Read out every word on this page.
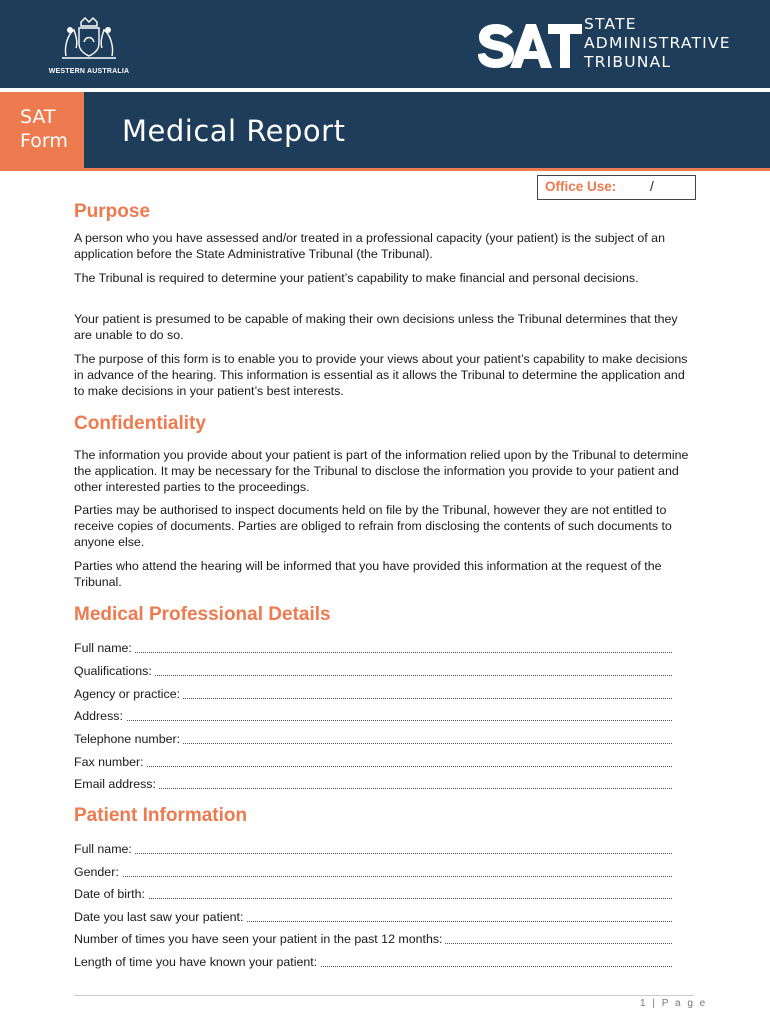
WESTERN AUSTRALIA
STATE
ADMINISTRATIVE
TRIBUNAL
SAT
Form	Medical Report
Office Use: /
Purpose

A person who you have assessed and/or treated in a professional capacity (your patient) is the subject of an application before the State Administrative Tribunal (the Tribunal).

The Tribunal is required to determine your patient’s capability to make financial and personal decisions.

Your patient is presumed to be capable of making their own decisions unless the Tribunal determines that they are unable to do so.

The purpose of this form is to enable you to provide your views about your patient’s capability to make decisions in advance of the hearing. This information is essential as it allows the Tribunal to determine the application and to make decisions in your patient’s best interests.

Confidentiality

The information you provide about your patient is part of the information relied upon by the Tribunal to determine the application. It may be necessary for the Tribunal to disclose the information you provide to your patient and other interested parties to the proceedings.

Parties may be authorised to inspect documents held on file by the Tribunal, however they are not entitled to receive copies of documents. Parties are obliged to refrain from disclosing the contents of such documents to anyone else.

Parties who attend the hearing will be informed that you have provided this information at the request of the Tribunal.

Medical Professional Details
Full name:
Qualifications:
Agency or practice:
Address:
Telephone number:
Fax number:
Email address:
Patient Information
Full name:
Gender:
Date of birth:
Date you last saw your patient:
Number of times you have seen your patient in the past 12 months:
Length of time you have known your patient:
1 | P a g e
